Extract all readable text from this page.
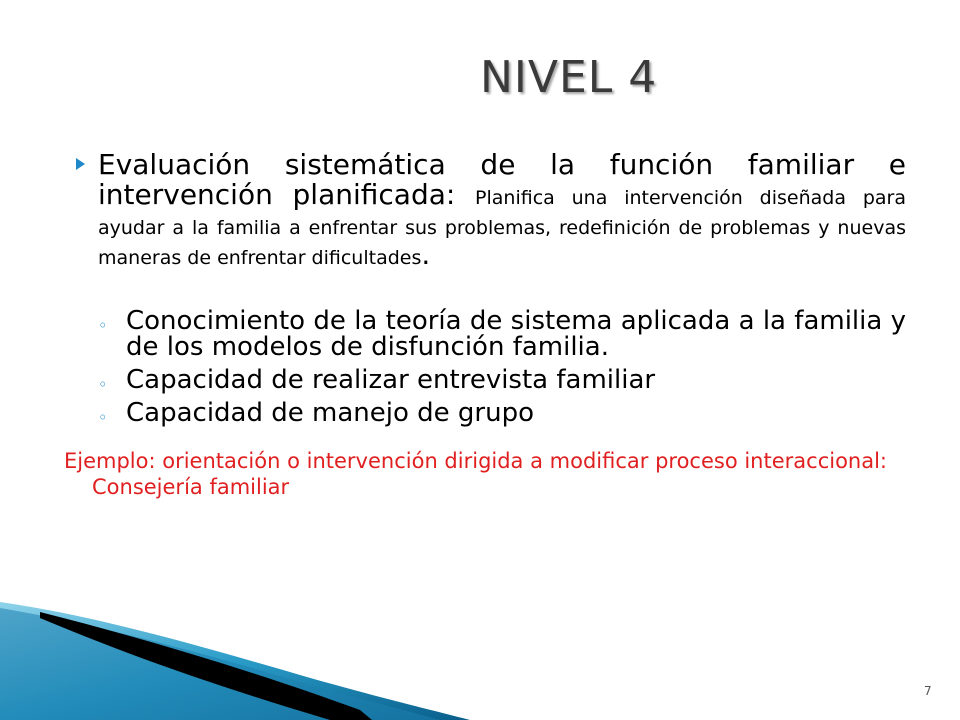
NIVEL 4
Evaluación sistemática de la función familiar e intervención planificada: Planifica una intervención diseñada para ayudar a la familia a enfrentar sus problemas, redefinición de problemas y nuevas maneras de enfrentar dificultades.
◦ Conocimiento de la teoría de sistema aplicada a la familia y de los modelos de disfunción familia.
◦ Capacidad de realizar entrevista familiar
◦ Capacidad de manejo de grupo
Ejemplo: orientación o intervención dirigida a modificar proceso interaccional: Consejería familiar
7
